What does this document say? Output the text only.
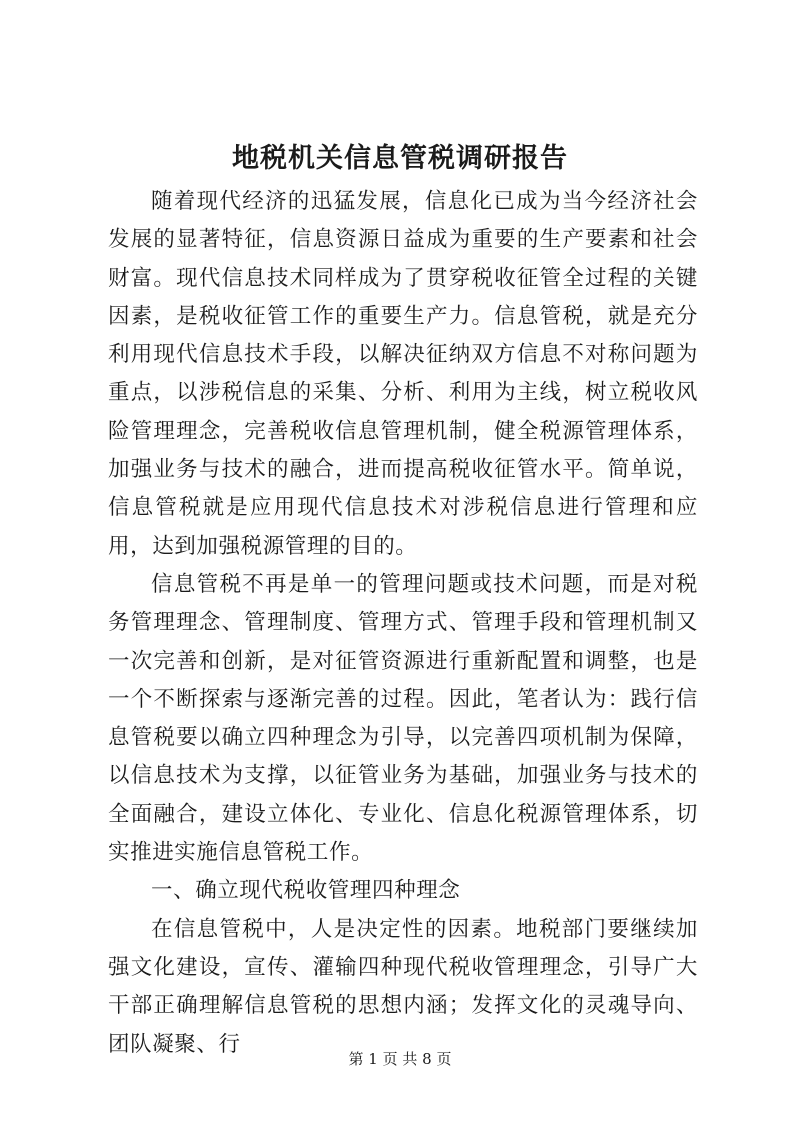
地税机关信息管税调研报告

随着现代经济的迅猛发展，信息化已成为当今经济社会发展的显著特征，信息资源日益成为重要的生产要素和社会财富。现代信息技术同样成为了贯穿税收征管全过程的关键因素，是税收征管工作的重要生产力。信息管税，就是充分利用现代信息技术手段，以解决征纳双方信息不对称问题为重点，以涉税信息的采集、分析、利用为主线，树立税收风险管理理念，完善税收信息管理机制，健全税源管理体系，加强业务与技术的融合，进而提高税收征管水平。简单说，信息管税就是应用现代信息技术对涉税信息进行管理和应用，达到加强税源管理的目的。

信息管税不再是单一的管理问题或技术问题，而是对税务管理理念、管理制度、管理方式、管理手段和管理机制又一次完善和创新，是对征管资源进行重新配置和调整，也是一个不断探索与逐渐完善的过程。因此，笔者认为：践行信息管税要以确立四种理念为引导，以完善四项机制为保障，以信息技术为支撑，以征管业务为基础，加强业务与技术的全面融合，建设立体化、专业化、信息化税源管理体系，切实推进实施信息管税工作。

一、确立现代税收管理四种理念

在信息管税中，人是决定性的因素。地税部门要继续加强文化建设，宣传、灌输四种现代税收管理理念，引导广大干部正确理解信息管税的思想内涵；发挥文化的灵魂导向、团队凝聚、行

第 1 页 共 8 页
